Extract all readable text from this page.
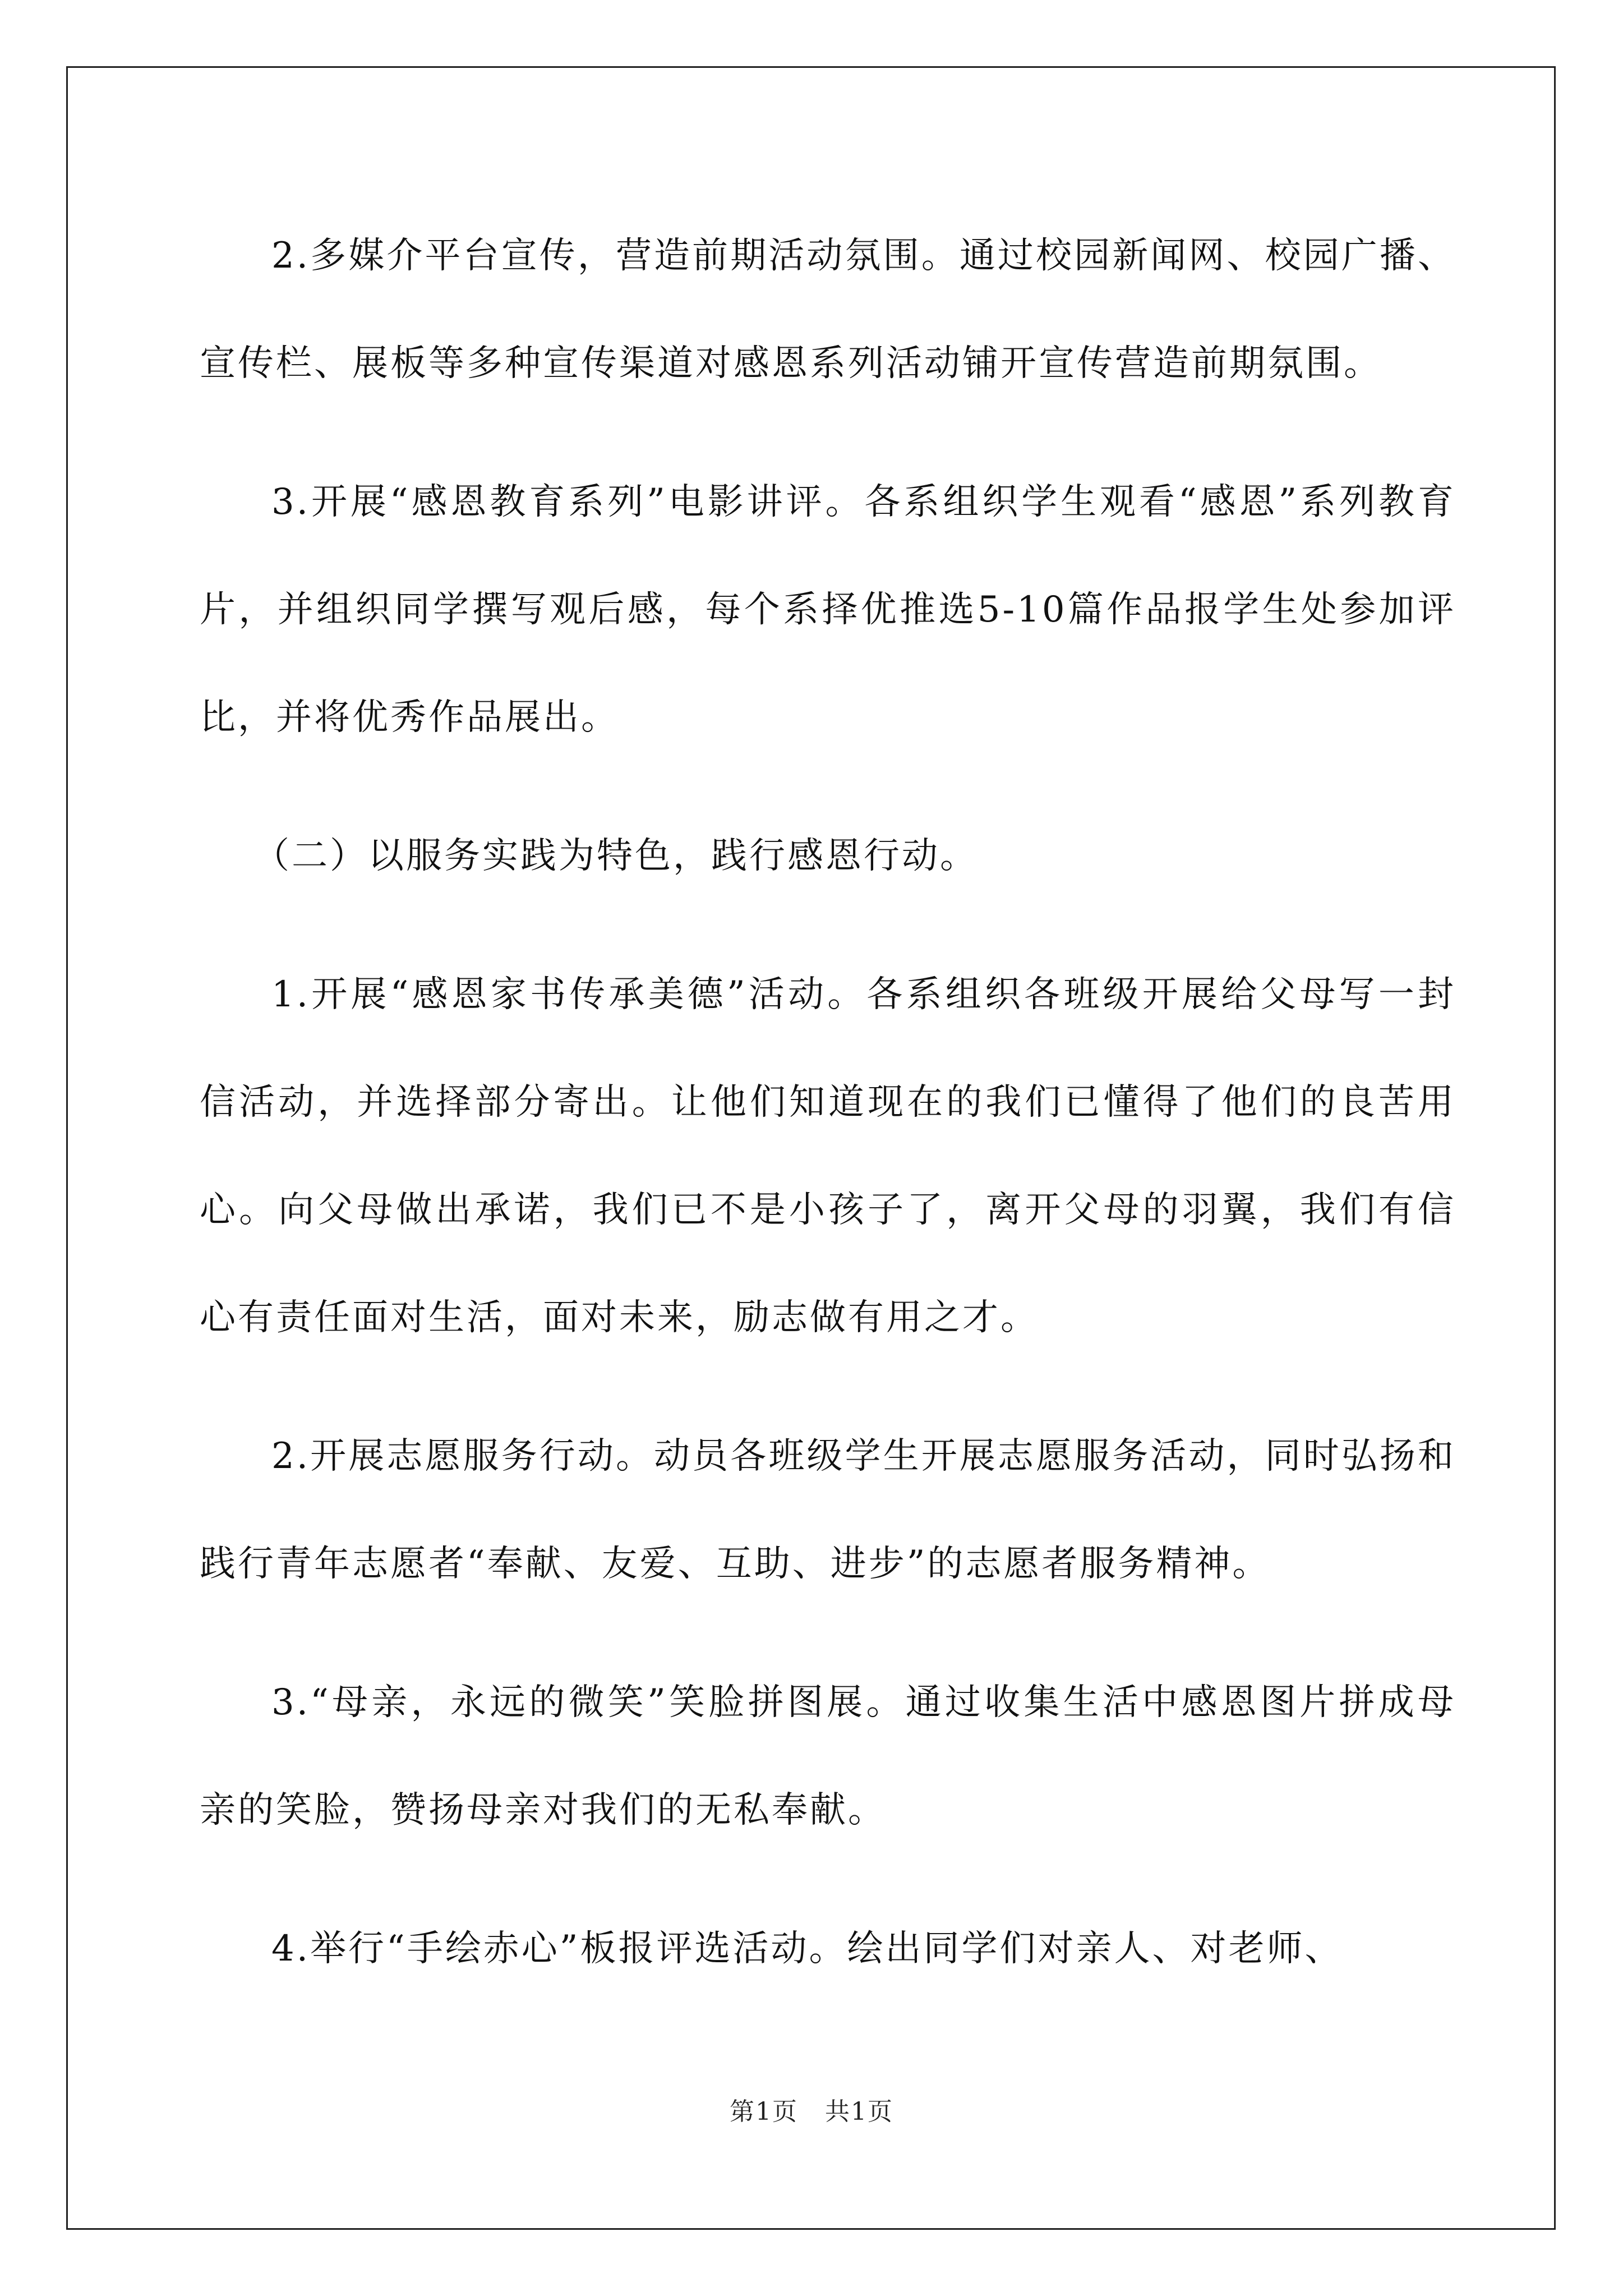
2.多媒介平台宣传，营造前期活动氛围。通过校园新闻网、校园广播、宣传栏、展板等多种宣传渠道对感恩系列活动铺开宣传营造前期氛围。

3.开展“感恩教育系列”电影讲评。各系组织学生观看“感恩”系列教育片，并组织同学撰写观后感，每个系择优推选5-10篇作品报学生处参加评比，并将优秀作品展出。

（二）以服务实践为特色，践行感恩行动。

1.开展“感恩家书传承美德”活动。各系组织各班级开展给父母写一封信活动，并选择部分寄出。让他们知道现在的我们已懂得了他们的良苦用心。向父母做出承诺，我们已不是小孩子了，离开父母的羽翼，我们有信心有责任面对生活，面对未来，励志做有用之才。

2.开展志愿服务行动。动员各班级学生开展志愿服务活动，同时弘扬和践行青年志愿者“奉献、友爱、互助、进步”的志愿者服务精神。

3.“母亲，永远的微笑”笑脸拼图展。通过收集生活中感恩图片拼成母亲的笑脸，赞扬母亲对我们的无私奉献。

4.举行“手绘赤心”板报评选活动。绘出同学们对亲人、对老师、

第1页   共1页
